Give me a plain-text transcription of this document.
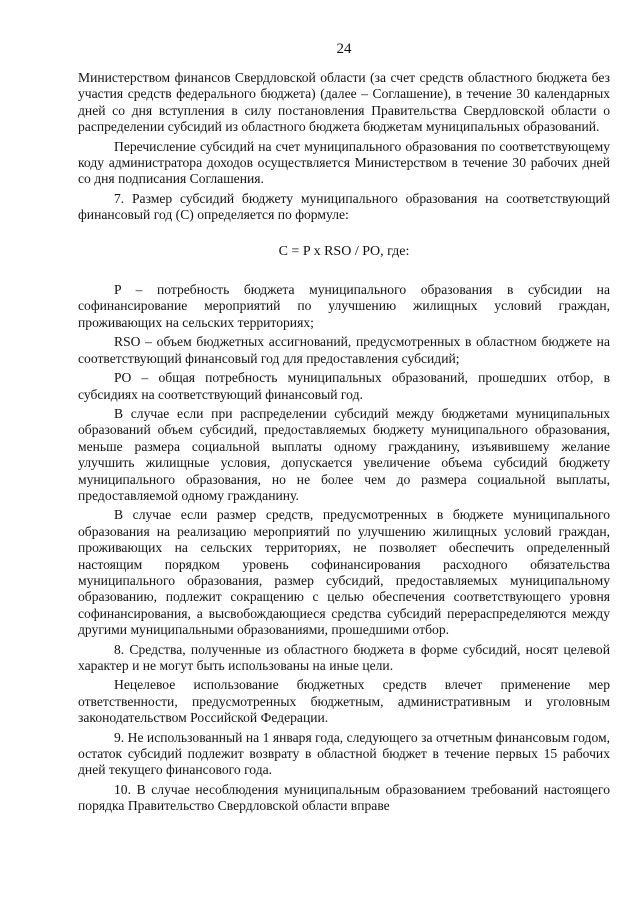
24

Министерством финансов Свердловской области (за счет средств областного бюджета без участия средств федерального бюджета) (далее – Соглашение), в течение 30 календарных дней со дня вступления в силу постановления Правительства Свердловской области о распределении субсидий из областного бюджета бюджетам муниципальных образований.

Перечисление субсидий на счет муниципального образования по соответствующему коду администратора доходов осуществляется Министерством в течение 30 рабочих дней со дня подписания Соглашения.

7. Размер субсидий бюджету муниципального образования на соответствующий финансовый год (С) определяется по формуле:

С = P x RSO / PO, где:

P – потребность бюджета муниципального образования в субсидии на софинансирование мероприятий по улучшению жилищных условий граждан, проживающих на сельских территориях;

RSO – объем бюджетных ассигнований, предусмотренных в областном бюджете на соответствующий финансовый год для предоставления субсидий;

PO – общая потребность муниципальных образований, прошедших отбор, в субсидиях на соответствующий финансовый год.

В случае если при распределении субсидий между бюджетами муниципальных образований объем субсидий, предоставляемых бюджету муниципального образования, меньше размера социальной выплаты одному гражданину, изъявившему желание улучшить жилищные условия, допускается увеличение объема субсидий бюджету муниципального образования, но не более чем до размера социальной выплаты, предоставляемой одному гражданину.

В случае если размер средств, предусмотренных в бюджете муниципального образования на реализацию мероприятий по улучшению жилищных условий граждан, проживающих на сельских территориях, не позволяет обеспечить определенный настоящим порядком уровень софинансирования расходного обязательства муниципального образования, размер субсидий, предоставляемых муниципальному образованию, подлежит сокращению с целью обеспечения соответствующего уровня софинансирования, а высвобождающиеся средства субсидий перераспределяются между другими муниципальными образованиями, прошедшими отбор.

8. Средства, полученные из областного бюджета в форме субсидий, носят целевой характер и не могут быть использованы на иные цели.

Нецелевое использование бюджетных средств влечет применение мер ответственности, предусмотренных бюджетным, административным и уголовным законодательством Российской Федерации.

9. Не использованный на 1 января года, следующего за отчетным финансовым годом, остаток субсидий подлежит возврату в областной бюджет в течение первых 15 рабочих дней текущего финансового года.

10. В случае несоблюдения муниципальным образованием требований настоящего порядка Правительство Свердловской области вправе
